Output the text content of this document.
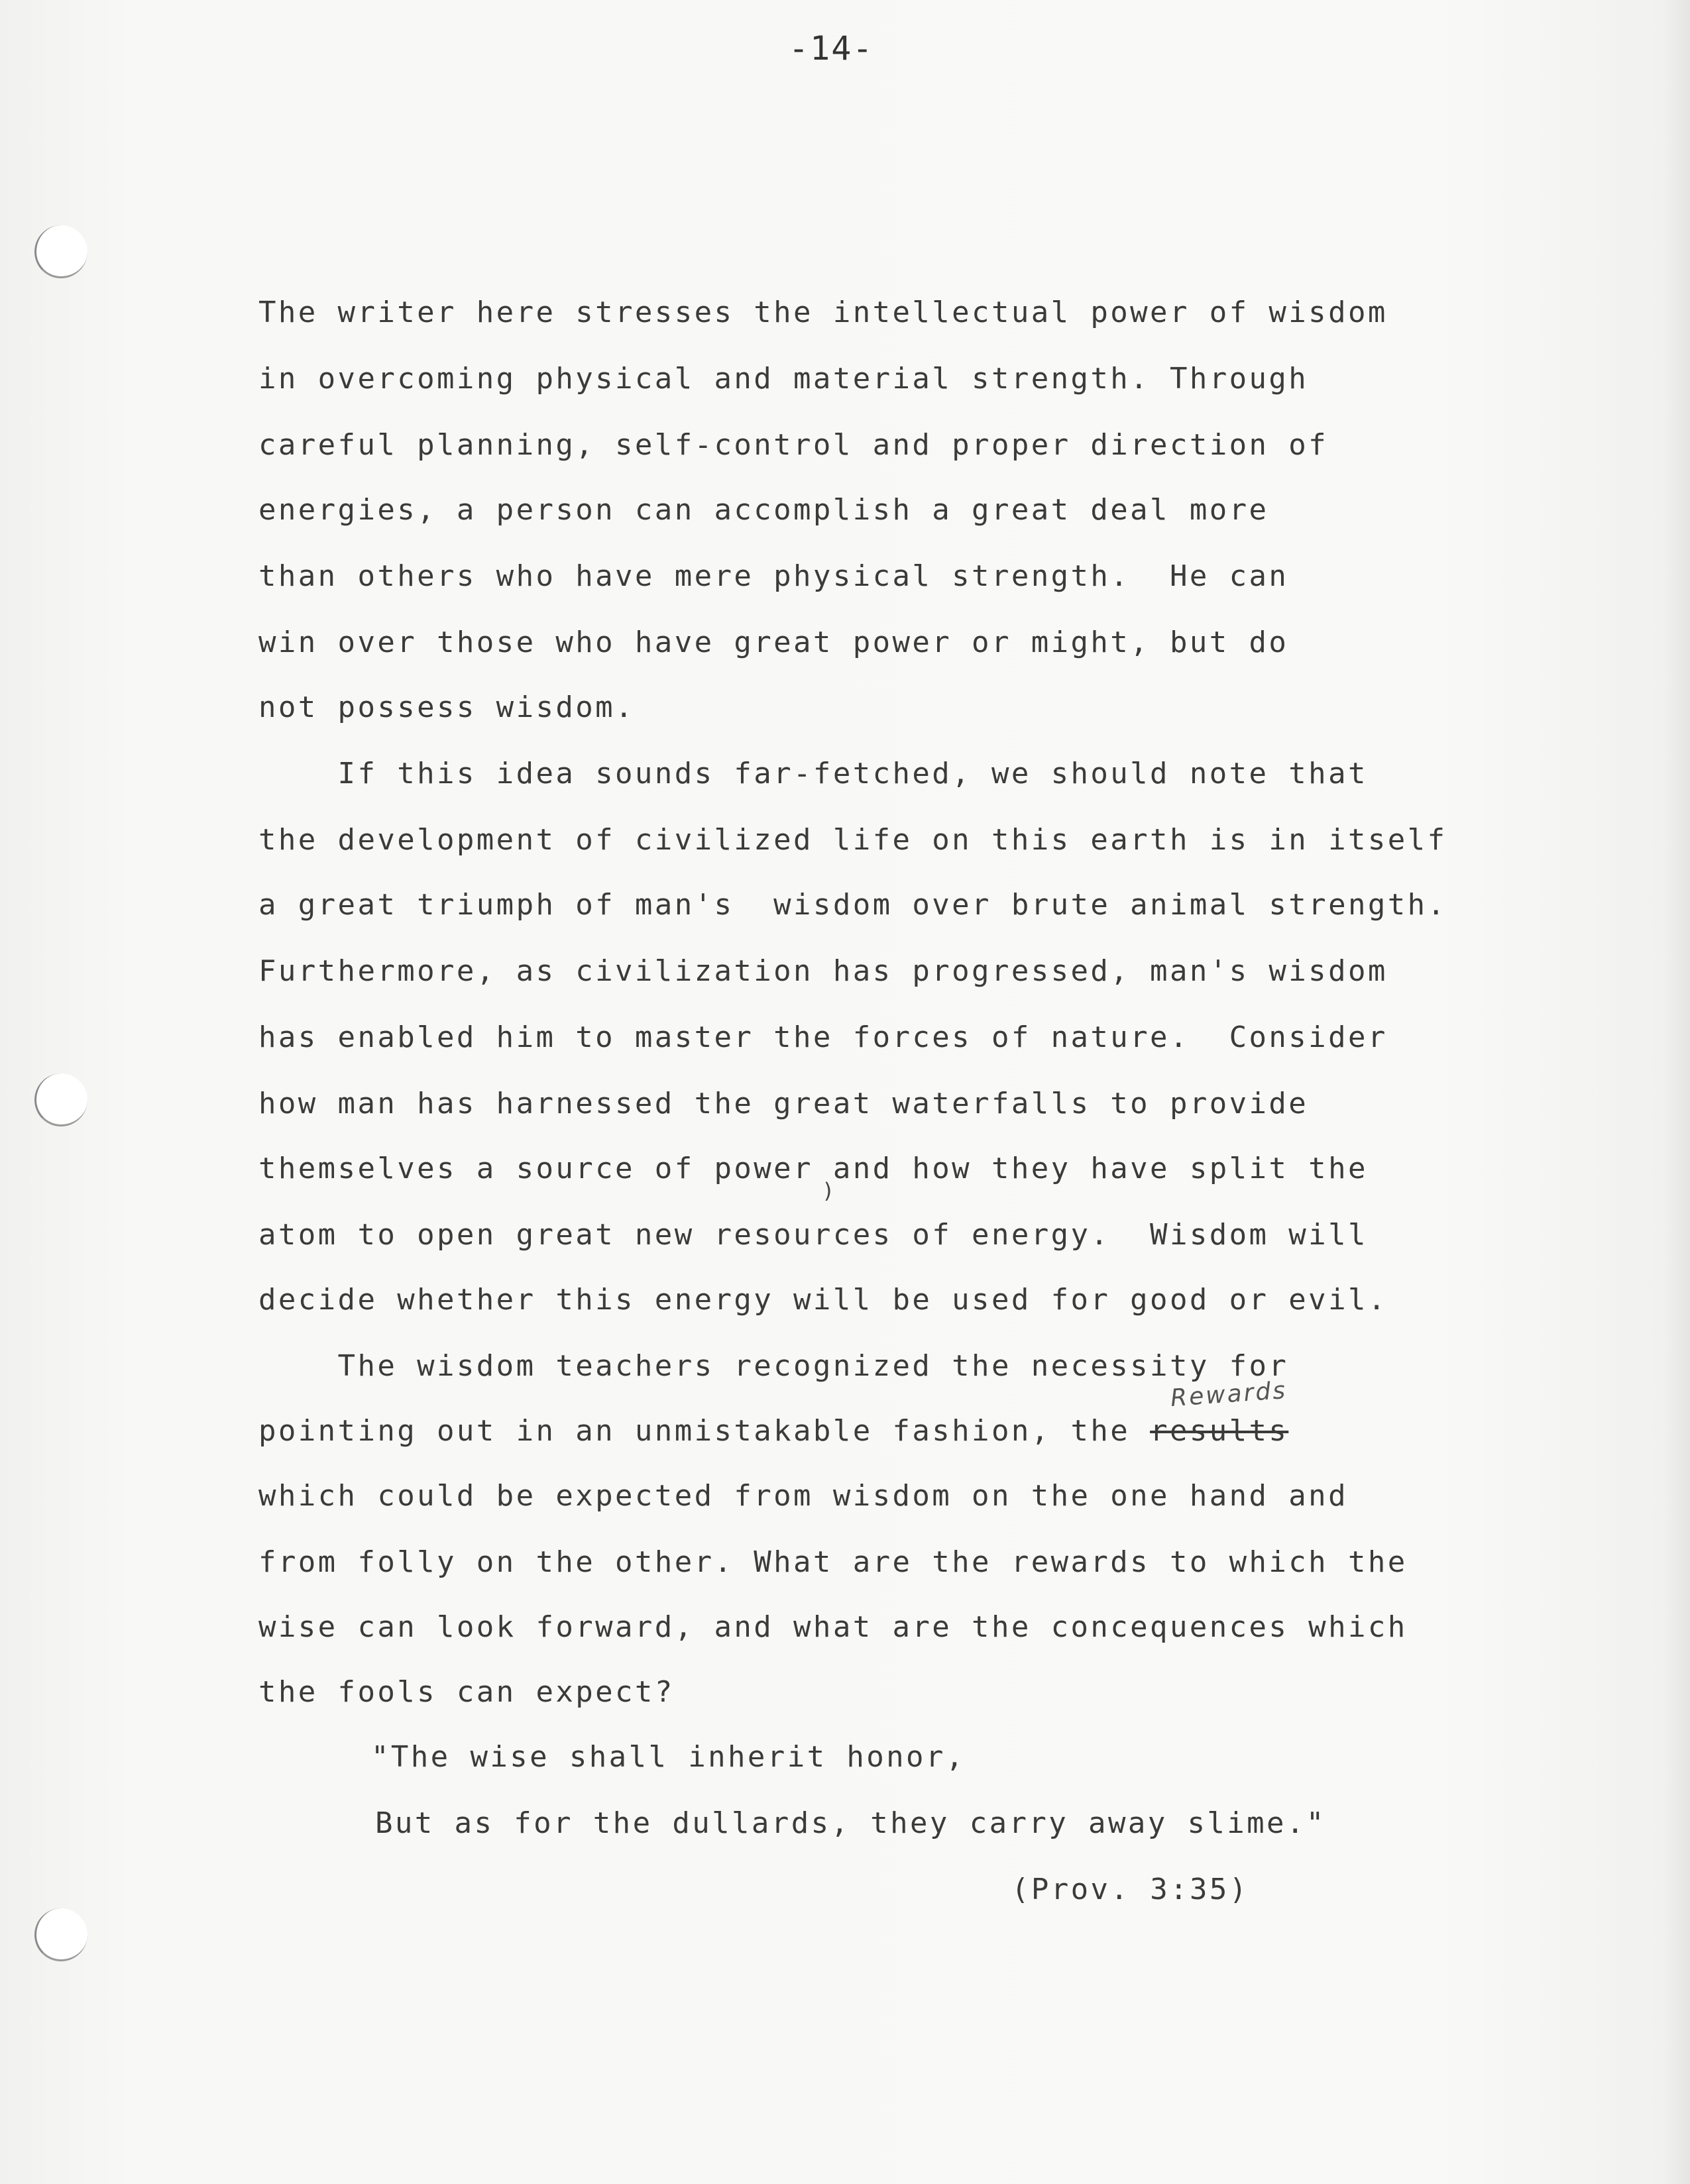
-14-
The writer here stresses the intellectual power of wisdom
in overcoming physical and material strength. Through
careful planning, self-control and proper direction of
energies, a person can accomplish a great deal more
than others who have mere physical strength.  He can
win over those who have great power or might, but do
not possess wisdom.
If this idea sounds far-fetched, we should note that
the development of civilized life on this earth is in itself
a great triumph of man's  wisdom over brute animal strength.
Furthermore, as civilization has progressed, man's wisdom
has enabled him to master the forces of nature.  Consider
how man has harnessed the great waterfalls to provide
themselves a source of power and how they have split the
)
atom to open great new resources of energy.  Wisdom will
decide whether this energy will be used for good or evil.
The wisdom teachers recognized the necessity for
Rewards
pointing out in an unmistakable fashion, the results
which could be expected from wisdom on the one hand and
from folly on the other. What are the rewards to which the
wise can look forward, and what are the concequences which
the fools can expect?
"The wise shall inherit honor,
But as for the dullards, they carry away slime."
(Prov. 3:35)
